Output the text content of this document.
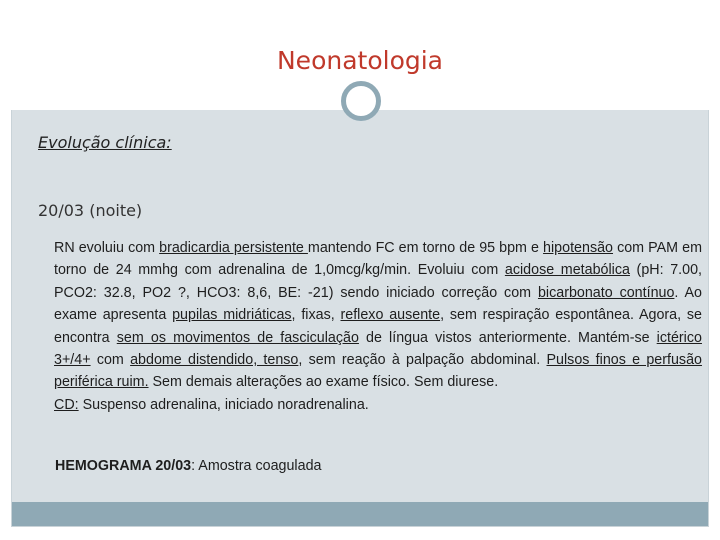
Neonatologia
Evolução clínica:
20/03 (noite)
RN evoluiu com bradicardia persistente mantendo FC em torno de 95 bpm e hipotensão com PAM em torno de 24 mmhg com adrenalina de 1,0mcg/kg/min. Evoluiu com acidose metabólica (pH: 7.00, PCO2: 32.8, PO2 ?, HCO3: 8,6, BE: -21) sendo iniciado correção com bicarbonato contínuo. Ao exame apresenta pupilas midriáticas, fixas, reflexo ausente, sem respiração espontânea. Agora, se encontra sem os movimentos de fasciculação de língua vistos anteriormente. Mantém-se ictérico 3+/4+ com abdome distendido, tenso, sem reação à palpação abdominal. Pulsos finos e perfusão periférica ruim. Sem demais alterações ao exame físico. Sem diurese.
CD: Suspenso adrenalina, iniciado noradrenalina.
HEMOGRAMA 20/03: Amostra coagulada
